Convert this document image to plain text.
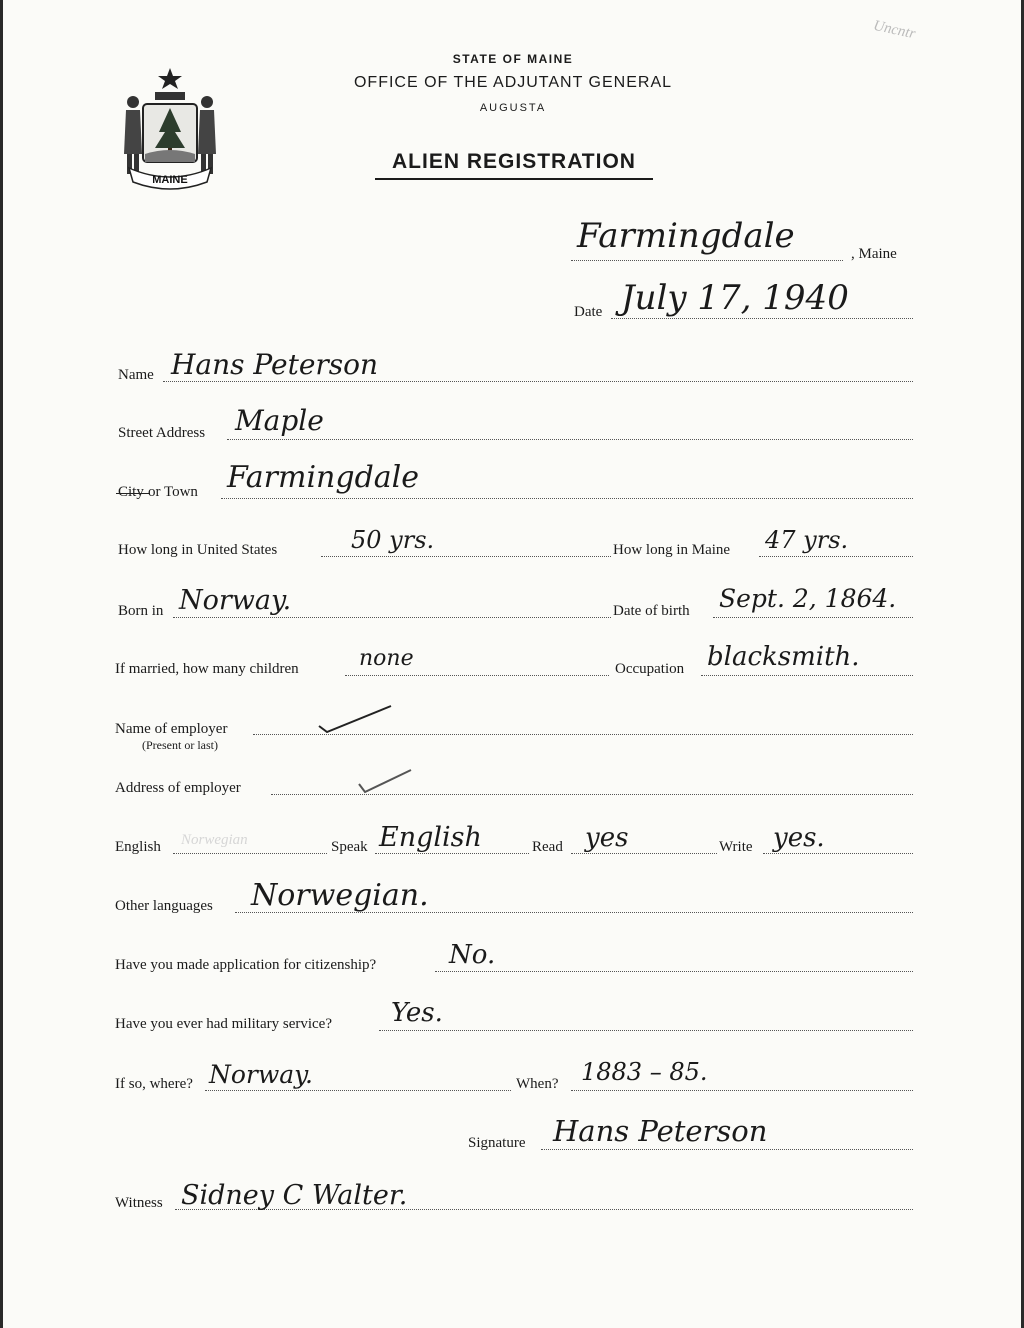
Uncntr
MAINE
STATE OF MAINE
OFFICE OF THE ADJUTANT GENERAL
AUGUSTA
ALIEN REGISTRATION
Farmingdale	, Maine
Date July 17, 1940
Name Hans Peterson
Street Address Maple
City or Town Farmingdale
How long in United States	50 yrs.	How long in Maine 47 yrs.
Born in Norway.	Date of birth Sept. 2, 1864.
If married, how many children	none	Occupation blacksmith.
Name of employer
(Present or last)
Address of employer
English Norwegian	Speak English	Read yes	Write yes.
Other languages Norwegian.
Have you made application for citizenship?	No.
Have you ever had military service? Yes.
If so, where? Norway.	When? 1883 – 85.
Signature Hans Peterson
Witness Sidney C Walter.
